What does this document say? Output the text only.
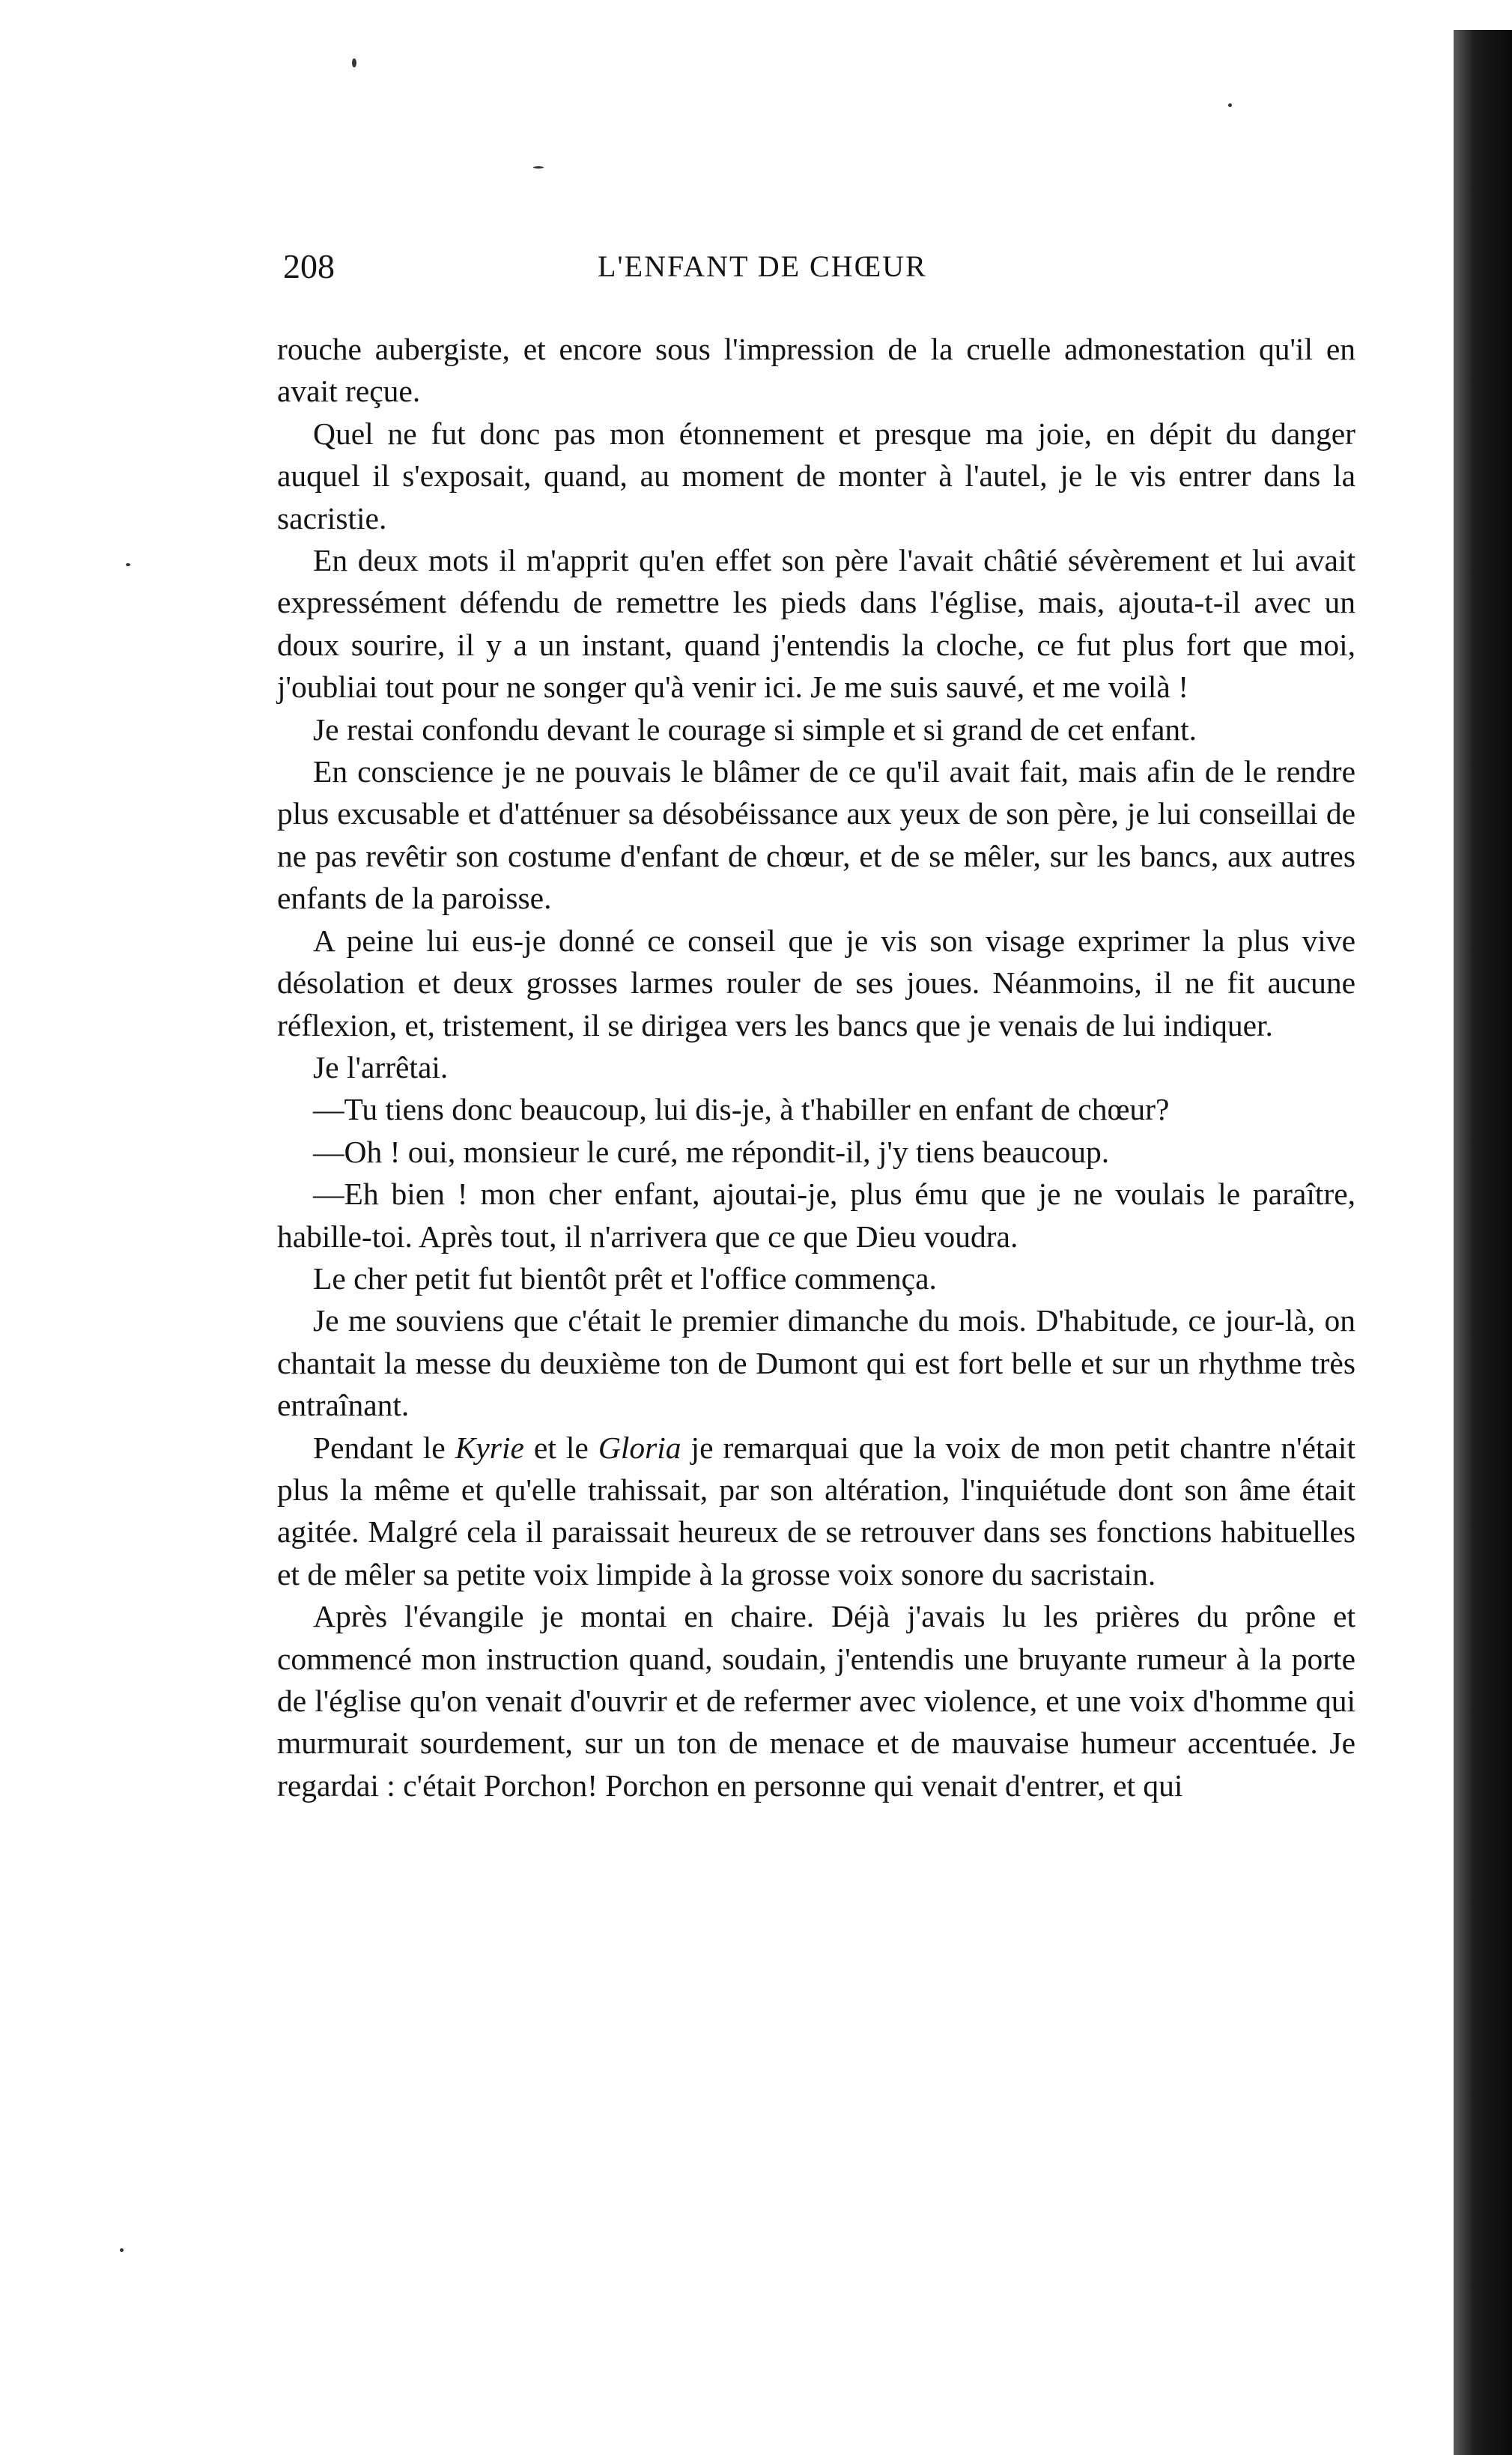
208	L'ENFANT DE CHŒUR

rouche aubergiste, et encore sous l'impression de la cruelle admonestation qu'il en avait reçue.

Quel ne fut donc pas mon étonnement et presque ma joie, en dépit du danger auquel il s'exposait, quand, au moment de monter à l'autel, je le vis entrer dans la sacristie.

En deux mots il m'apprit qu'en effet son père l'avait châtié sévèrement et lui avait expressément défendu de remettre les pieds dans l'église, mais, ajouta-t-il avec un doux sourire, il y a un instant, quand j'entendis la cloche, ce fut plus fort que moi, j'oubliai tout pour ne songer qu'à venir ici. Je me suis sauvé, et me voilà !

Je restai confondu devant le courage si simple et si grand de cet enfant.

En conscience je ne pouvais le blâmer de ce qu'il avait fait, mais afin de le rendre plus excusable et d'atténuer sa désobéissance aux yeux de son père, je lui conseillai de ne pas revêtir son costume d'enfant de chœur, et de se mêler, sur les bancs, aux autres enfants de la paroisse.

A peine lui eus-je donné ce conseil que je vis son visage exprimer la plus vive désolation et deux grosses larmes rouler de ses joues. Néanmoins, il ne fit aucune réflexion, et, tristement, il se dirigea vers les bancs que je venais de lui indiquer.

Je l'arrêtai.

—Tu tiens donc beaucoup, lui dis-je, à t'habiller en enfant de chœur?

—Oh ! oui, monsieur le curé, me répondit-il, j'y tiens beaucoup.

—Eh bien ! mon cher enfant, ajoutai-je, plus ému que je ne voulais le paraître, habille-toi. Après tout, il n'arrivera que ce que Dieu voudra.

Le cher petit fut bientôt prêt et l'office commença.

Je me souviens que c'était le premier dimanche du mois. D'habitude, ce jour-là, on chantait la messe du deuxième ton de Dumont qui est fort belle et sur un rhythme très entraînant.

Pendant le Kyrie et le Gloria je remarquai que la voix de mon petit chantre n'était plus la même et qu'elle trahissait, par son altération, l'inquiétude dont son âme était agitée. Malgré cela il paraissait heureux de se retrouver dans ses fonctions habituelles et de mêler sa petite voix limpide à la grosse voix sonore du sacristain.

Après l'évangile je montai en chaire. Déjà j'avais lu les prières du prône et commencé mon instruction quand, soudain, j'entendis une bruyante rumeur à la porte de l'église qu'on venait d'ouvrir et de refermer avec violence, et une voix d'homme qui murmurait sourdement, sur un ton de menace et de mauvaise humeur accentuée. Je regardai : c'était Porchon! Porchon en personne qui venait d'entrer, et qui
